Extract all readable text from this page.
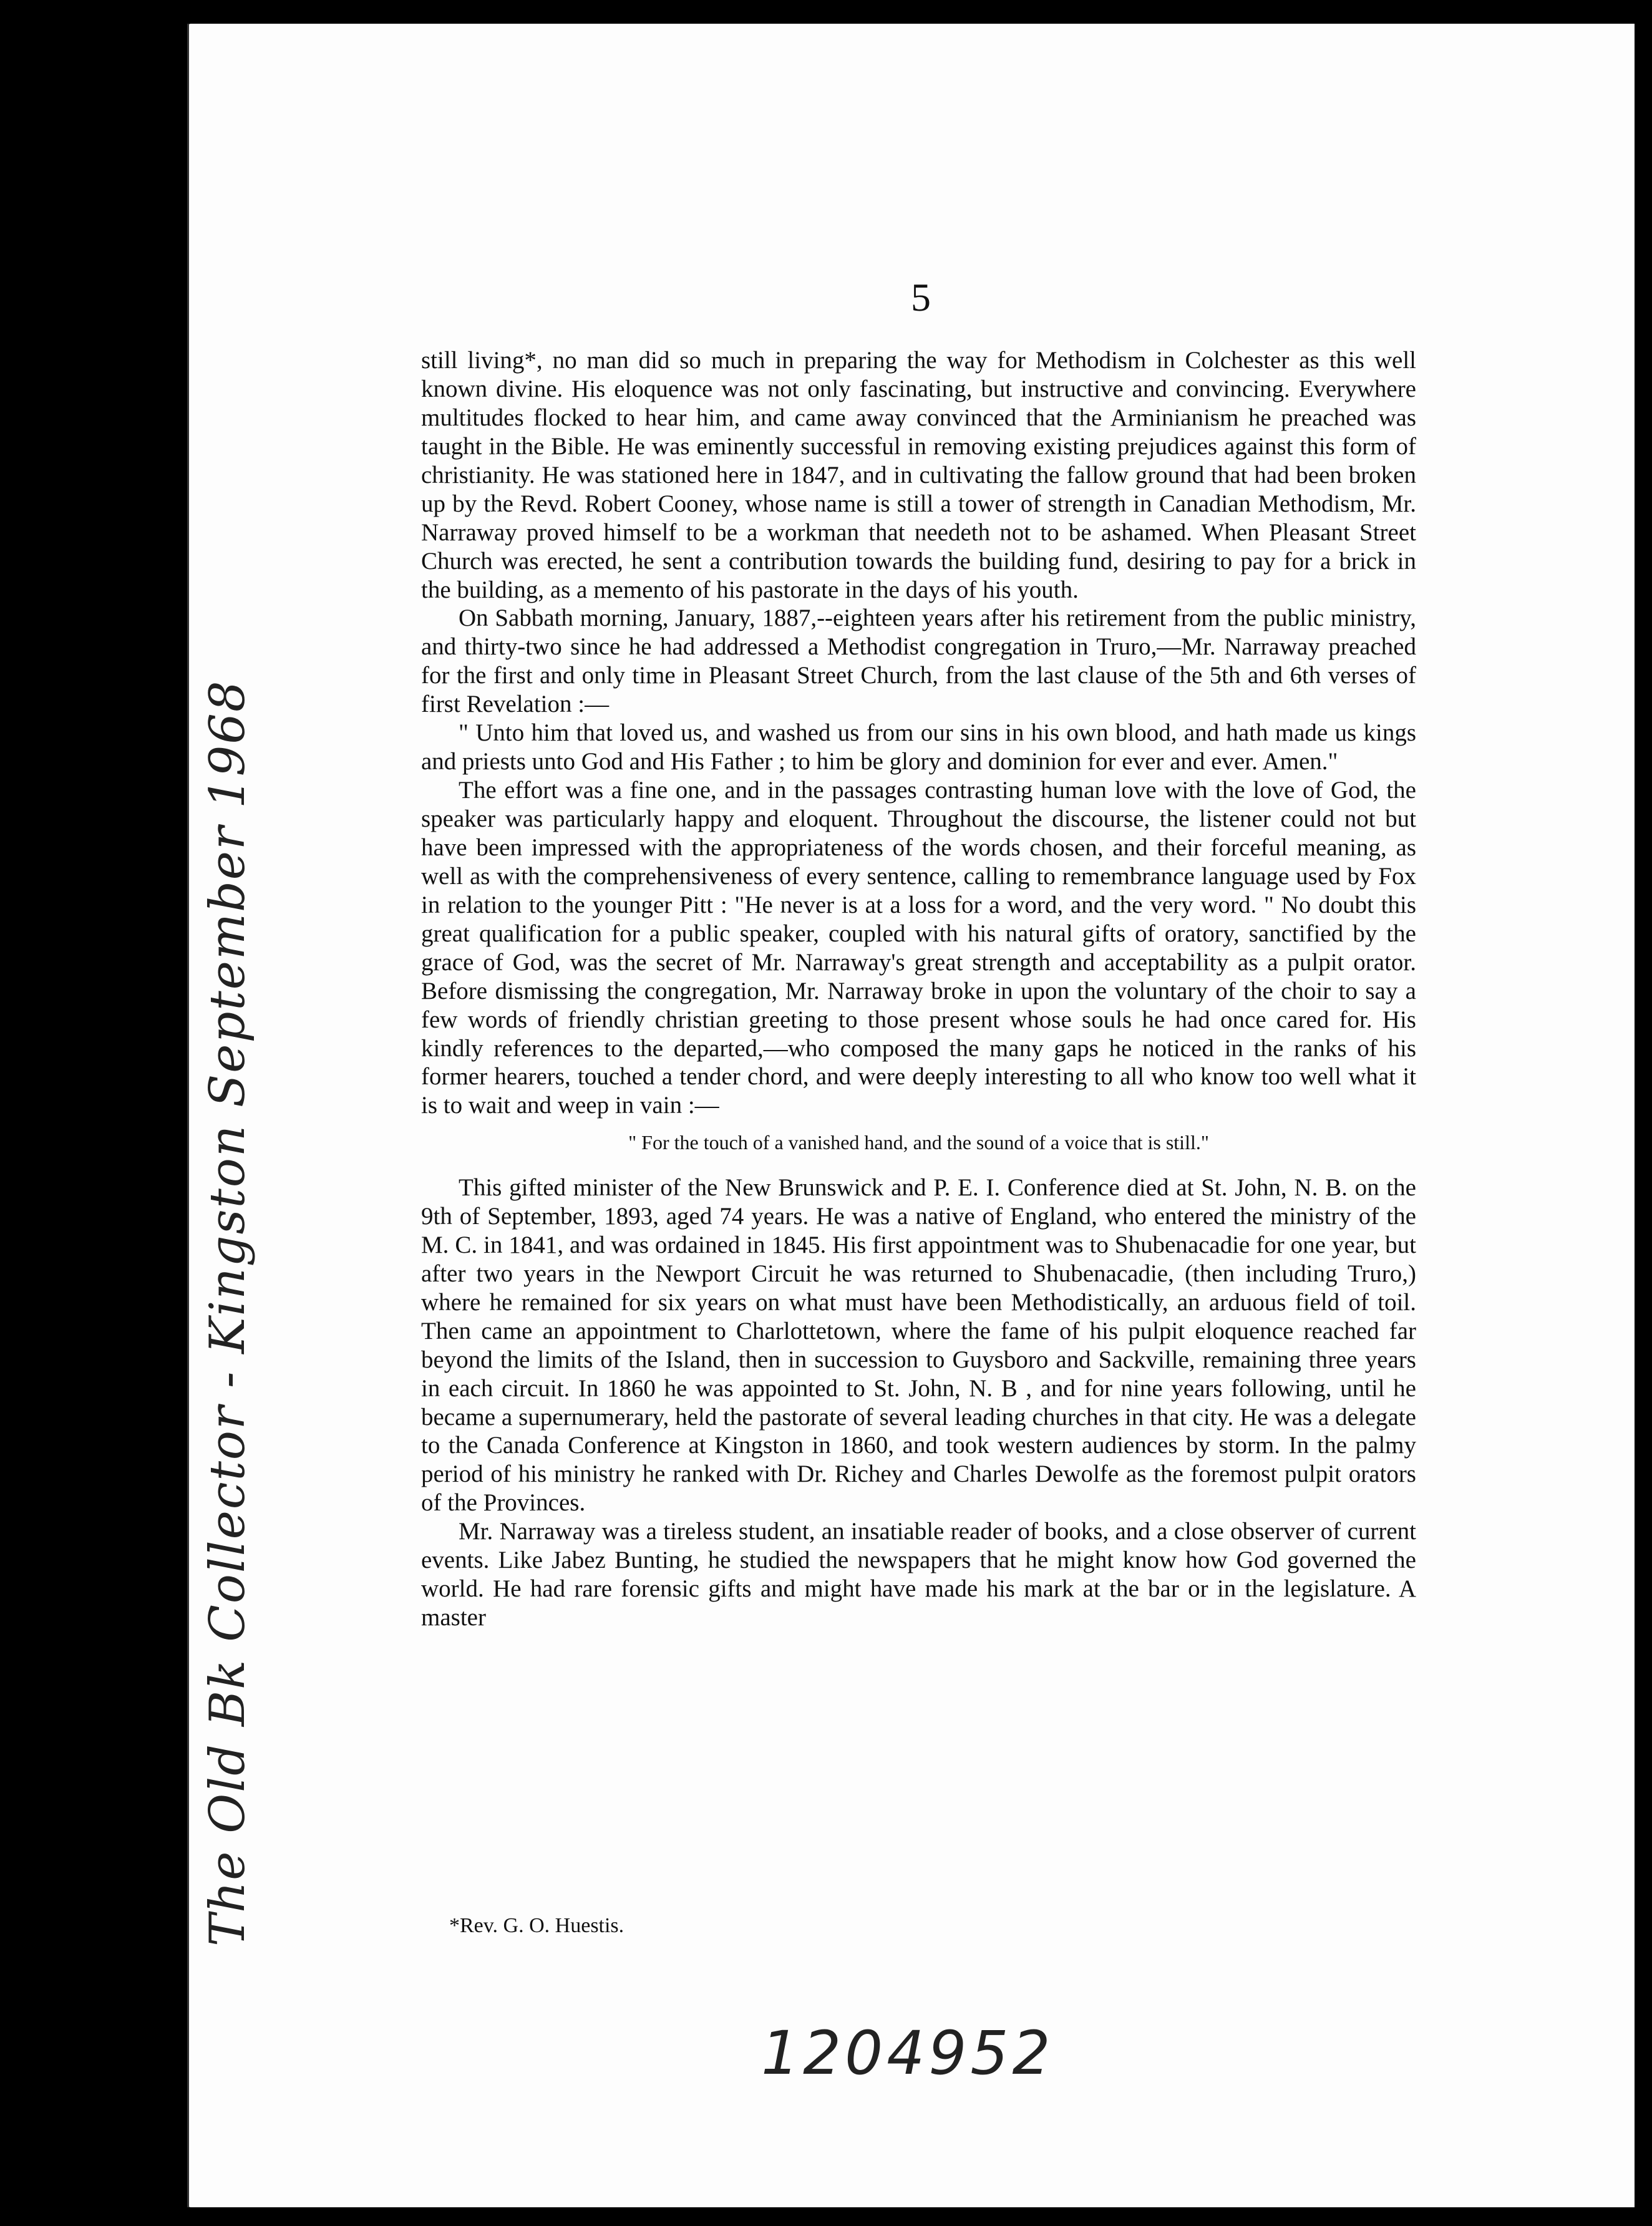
The Old Bk Collector - Kingston September 1968
5

still living*, no man did so much in preparing the way for Methodism in Colchester as this well known divine. His eloquence was not only fascinating, but instructive and convincing. Everywhere multitudes flocked to hear him, and came away convinced that the Arminianism he preached was taught in the Bible. He was eminently successful in removing existing prejudices against this form of christianity. He was stationed here in 1847, and in cultivating the fallow ground that had been broken up by the Revd. Robert Cooney, whose name is still a tower of strength in Canadian Methodism, Mr. Narraway proved himself to be a workman that needeth not to be ashamed. When Pleasant Street Church was erected, he sent a contribution towards the building fund, desiring to pay for a brick in the building, as a memento of his pastorate in the days of his youth.

On Sabbath morning, January, 1887,--eighteen years after his retirement from the public ministry, and thirty-two since he had addressed a Methodist congregation in Truro,—Mr. Narraway preached for the first and only time in Pleasant Street Church, from the last clause of the 5th and 6th verses of first Revelation :—

" Unto him that loved us, and washed us from our sins in his own blood, and hath made us kings and priests unto God and His Father ; to him be glory and dominion for ever and ever. Amen."

The effort was a fine one, and in the passages contrasting human love with the love of God, the speaker was particularly happy and eloquent. Throughout the discourse, the listener could not but have been impressed with the appropriateness of the words chosen, and their forceful meaning, as well as with the comprehensiveness of every sentence, calling to remembrance language used by Fox in relation to the younger Pitt : "He never is at a loss for a word, and the very word. " No doubt this great qualification for a public speaker, coupled with his natural gifts of oratory, sanctified by the grace of God, was the secret of Mr. Narraway's great strength and acceptability as a pulpit orator. Before dismissing the congregation, Mr. Narraway broke in upon the voluntary of the choir to say a few words of friendly christian greeting to those present whose souls he had once cared for. His kindly references to the departed,—who composed the many gaps he noticed in the ranks of his former hearers, touched a tender chord, and were deeply interesting to all who know too well what it is to wait and weep in vain :—

" For the touch of a vanished hand, and the sound of a voice that is still."

This gifted minister of the New Brunswick and P. E. I. Conference died at St. John, N. B. on the 9th of September, 1893, aged 74 years. He was a native of England, who entered the ministry of the M. C. in 1841, and was ordained in 1845. His first appointment was to Shubenacadie for one year, but after two years in the Newport Circuit he was returned to Shubenacadie, (then including Truro,) where he remained for six years on what must have been Methodistically, an arduous field of toil. Then came an appointment to Charlottetown, where the fame of his pulpit eloquence reached far beyond the limits of the Island, then in succession to Guysboro and Sackville, remaining three years in each circuit. In 1860 he was appointed to St. John, N. B , and for nine years following, until he became a supernumerary, held the pastorate of several leading churches in that city. He was a delegate to the Canada Conference at Kingston in 1860, and took western audiences by storm. In the palmy period of his ministry he ranked with Dr. Richey and Charles Dewolfe as the foremost pulpit orators of the Provinces.

Mr. Narraway was a tireless student, an insatiable reader of books, and a close observer of current events. Like Jabez Bunting, he studied the newspapers that he might know how God governed the world. He had rare forensic gifts and might have made his mark at the bar or in the legislature. A master

*Rev. G. O. Huestis.
1204952
